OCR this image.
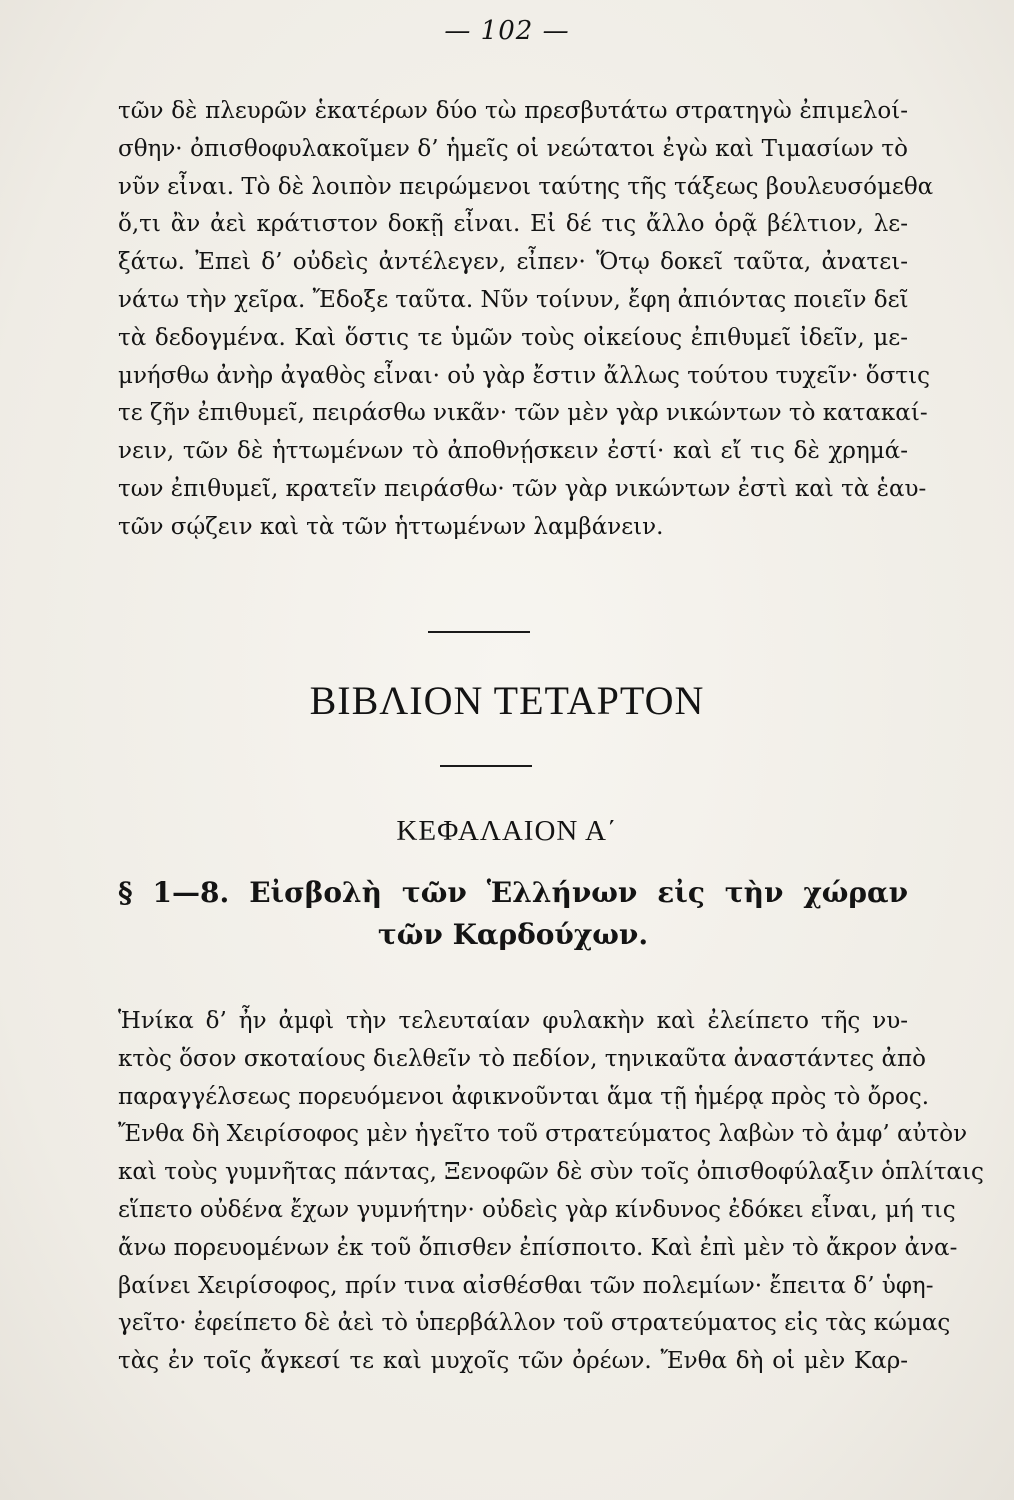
— 102 —
τῶν δὲ πλευρῶν ἑκατέρων δύο τὼ πρεσβυτάτω στρατηγὼ ἐπιμελοί-
σθην· ὀπισθοφυλακοῖμεν δ’ ἡμεῖς οἱ νεώτατοι ἐγὼ καὶ Τιμασίων τὸ
νῦν εἶναι. Τὸ δὲ λοιπὸν πειρώμενοι ταύτης τῆς τάξεως βουλευσόμεθα
ὅ,τι ἂν ἀεὶ κράτιστον δοκῇ εἶναι. Εἰ δέ τις ἄλλο ὁρᾷ βέλτιον, λε-
ξάτω. Ἐπεὶ δ’ οὐδεὶς ἀντέλεγεν, εἶπεν· Ὅτῳ δοκεῖ ταῦτα, ἀνατει-
νάτω τὴν χεῖρα. Ἔδοξε ταῦτα. Νῦν τοίνυν, ἔφη ἀπιόντας ποιεῖν δεῖ
τὰ δεδογμένα. Καὶ ὅστις τε ὑμῶν τοὺς οἰκείους ἐπιθυμεῖ ἰδεῖν, με-
μνήσθω ἀνὴρ ἀγαθὸς εἶναι· οὐ γὰρ ἔστιν ἄλλως τούτου τυχεῖν· ὅστις
τε ζῆν ἐπιθυμεῖ, πειράσθω νικᾶν· τῶν μὲν γὰρ νικώντων τὸ κατακαί-
νειν, τῶν δὲ ἡττωμένων τὸ ἀποθνῄσκειν ἐστί· καὶ εἴ τις δὲ χρημά-
των ἐπιθυμεῖ, κρατεῖν πειράσθω· τῶν γὰρ νικώντων ἐστὶ καὶ τὰ ἑαυ-
τῶν σῴζειν καὶ τὰ τῶν ἡττωμένων λαμβάνειν.
ΒΙΒΛΙΟΝ ΤΕΤΑΡΤΟΝ
ΚΕΦΑΛΑΙΟΝ Α΄
§ 1—8. Εἰσβολὴ τῶν Ἑλλήνων εἰς τὴν χώραν
τῶν Καρδούχων.
Ἡνίκα δ’ ἦν ἀμφὶ τὴν τελευταίαν φυλακὴν καὶ ἐλείπετο τῆς νυ-
κτὸς ὅσον σκοταίους διελθεῖν τὸ πεδίον, τηνικαῦτα ἀναστάντες ἀπὸ
παραγγέλσεως πορευόμενοι ἀφικνοῦνται ἅμα τῇ ἡμέρᾳ πρὸς τὸ ὄρος.
Ἔνθα δὴ Χειρίσοφος μὲν ἡγεῖτο τοῦ στρατεύματος λαβὼν τὸ ἀμφ’ αὐτὸν
καὶ τοὺς γυμνῆτας πάντας, Ξενοφῶν δὲ σὺν τοῖς ὀπισθοφύλαξιν ὁπλίταις
εἵπετο οὐδένα ἔχων γυμνήτην· οὐδεὶς γὰρ κίνδυνος ἐδόκει εἶναι, μή τις
ἄνω πορευομένων ἐκ τοῦ ὄπισθεν ἐπίσποιτο. Καὶ ἐπὶ μὲν τὸ ἄκρον ἀνα-
βαίνει Χειρίσοφος, πρίν τινα αἰσθέσθαι τῶν πολεμίων· ἔπειτα δ’ ὑφη-
γεῖτο· ἐφείπετο δὲ ἀεὶ τὸ ὑπερβάλλον τοῦ στρατεύματος εἰς τὰς κώμας
τὰς ἐν τοῖς ἄγκεσί τε καὶ μυχοῖς τῶν ὀρέων. Ἔνθα δὴ οἱ μὲν Καρ-
